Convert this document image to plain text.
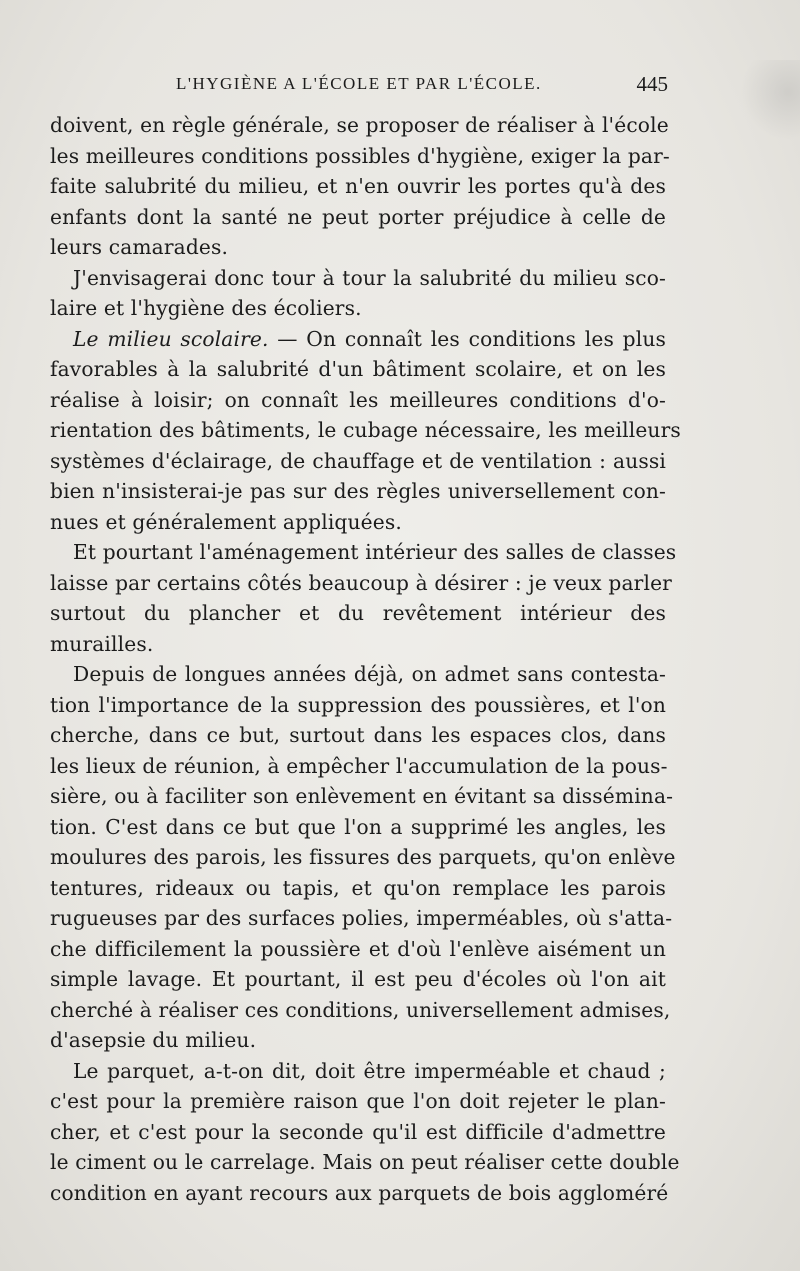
L'HYGIÈNE A L'ÉCOLE ET PAR L'ÉCOLE.	445
doivent, en règle générale, se proposer de réaliser à l'école
les meilleures conditions possibles d'hygiène, exiger la par-
faite salubrité du milieu, et n'en ouvrir les portes qu'à des
enfants dont la santé ne peut porter préjudice à celle de
leurs camarades.
J'envisagerai donc tour à tour la salubrité du milieu sco-
laire et l'hygiène des écoliers.
Le milieu scolaire. — On connaît les conditions les plus
favorables à la salubrité d'un bâtiment scolaire, et on les
réalise à loisir; on connaît les meilleures conditions d'o-
rientation des bâtiments, le cubage nécessaire, les meilleurs
systèmes d'éclairage, de chauffage et de ventilation : aussi
bien n'insisterai-je pas sur des règles universellement con-
nues et généralement appliquées.
Et pourtant l'aménagement intérieur des salles de classes
laisse par certains côtés beaucoup à désirer : je veux parler
surtout du plancher et du revêtement intérieur des
murailles.
Depuis de longues années déjà, on admet sans contesta-
tion l'importance de la suppression des poussières, et l'on
cherche, dans ce but, surtout dans les espaces clos, dans
les lieux de réunion, à empêcher l'accumulation de la pous-
sière, ou à faciliter son enlèvement en évitant sa dissémina-
tion. C'est dans ce but que l'on a supprimé les angles, les
moulures des parois, les fissures des parquets, qu'on enlève
tentures, rideaux ou tapis, et qu'on remplace les parois
rugueuses par des surfaces polies, imperméables, où s'atta-
che difficilement la poussière et d'où l'enlève aisément un
simple lavage. Et pourtant, il est peu d'écoles où l'on ait
cherché à réaliser ces conditions, universellement admises,
d'asepsie du milieu.
Le parquet, a-t-on dit, doit être imperméable et chaud ;
c'est pour la première raison que l'on doit rejeter le plan-
cher, et c'est pour la seconde qu'il est difficile d'admettre
le ciment ou le carrelage. Mais on peut réaliser cette double
condition en ayant recours aux parquets de bois aggloméré
